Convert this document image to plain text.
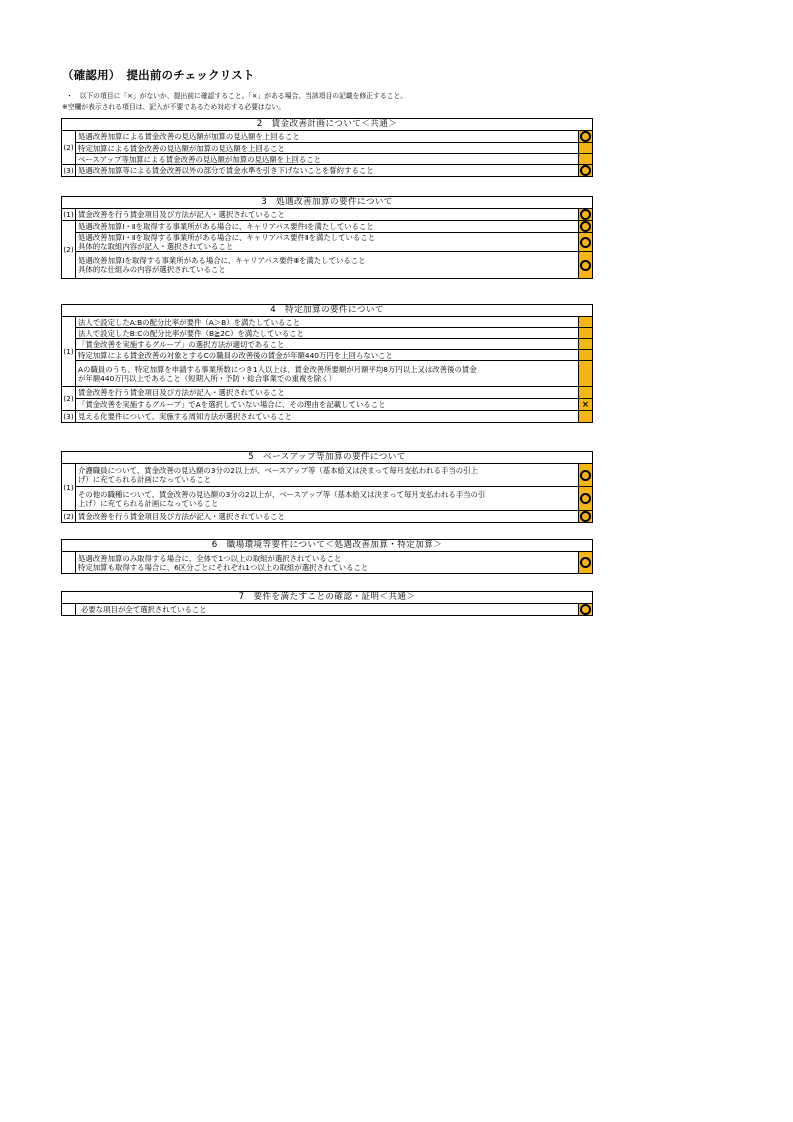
（確認用）　提出前のチェックリスト
・　以下の項目に「×」がないか、提出前に確認すること。「×」がある場合、当該項目の記載を修正すること。
※空欄が表示される項目は、記入が不要であるため対応する必要はない。
2　賃金改善計画について＜共通＞		
(2)	処遇改善加算による賃金改善の見込額が加算の見込額を上回ること	
	特定加算による賃金改善の見込額が加算の見込額を上回ること	
	ベースアップ等加算による賃金改善の見込額が加算の見込額を上回ること	
(3)	処遇改善加算等による賃金改善以外の部分で賃金水準を引き下げないことを誓約すること	
3　処遇改善加算の要件について		
(1)	賃金改善を行う賃金項目及び方法が記入・選択されていること	
(2)	処遇改善加算Ⅰ・Ⅱを取得する事業所がある場合に、キャリアパス要件Ⅰを満たしていること	
	処遇改善加算Ⅰ・Ⅱを取得する事業所がある場合に、キャリアパス要件Ⅱを満たしていること
具体的な取組内容が記入・選択されていること	
	処遇改善加算Ⅰを取得する事業所がある場合に、キャリアパス要件Ⅲを満たしていること
具体的な仕組みの内容が選択されていること	
4　特定加算の要件について		
(1)	法人で設定したA:Bの配分比率が要件（A＞B）を満たしていること	
	法人で設定したB:Cの配分比率が要件（B≧2C）を満たしていること	
	「賃金改善を実施するグループ」の選択方法が適切であること	
	特定加算による賃金改善の対象とするCの職員の改善後の賃金が年額440万円を上回らないこと	
	Aの職員のうち、特定加算を申請する事業所数につき1人以上は、賃金改善所要額が月額平均8万円以上又は改善後の賃金
が年額440万円以上であること（短期入所・予防・総合事業での重複を除く）	
(2)	賃金改善を行う賃金項目及び方法が記入・選択されていること	
	「賃金改善を実施するグループ」でAを選択していない場合に、その理由を記載していること	×
(3)	見える化要件について、実施する周知方法が選択されていること	
5　ベースアップ等加算の要件について		
(1)	介護職員について、賃金改善の見込額の3分の2以上が、ベースアップ等（基本給又は決まって毎月支払われる手当の引上
げ）に充てられる計画になっていること	
	その他の職種について、賃金改善の見込額の3分の2以上が、ベースアップ等（基本給又は決まって毎月支払われる手当の引
上げ）に充てられる計画になっていること	
(2)	賃金改善を行う賃金項目及び方法が記入・選択されていること	
6　職場環境等要件について＜処遇改善加算・特定加算＞
	処遇改善加算のみ取得する場合に、全体で1つ以上の取組が選択されていること
特定加算も取得する場合に、6区分ごとにそれぞれ1つ以上の取組が選択されていること	
7　要件を満たすことの確認・証明＜共通＞
	必要な項目が全て選択されていること	
